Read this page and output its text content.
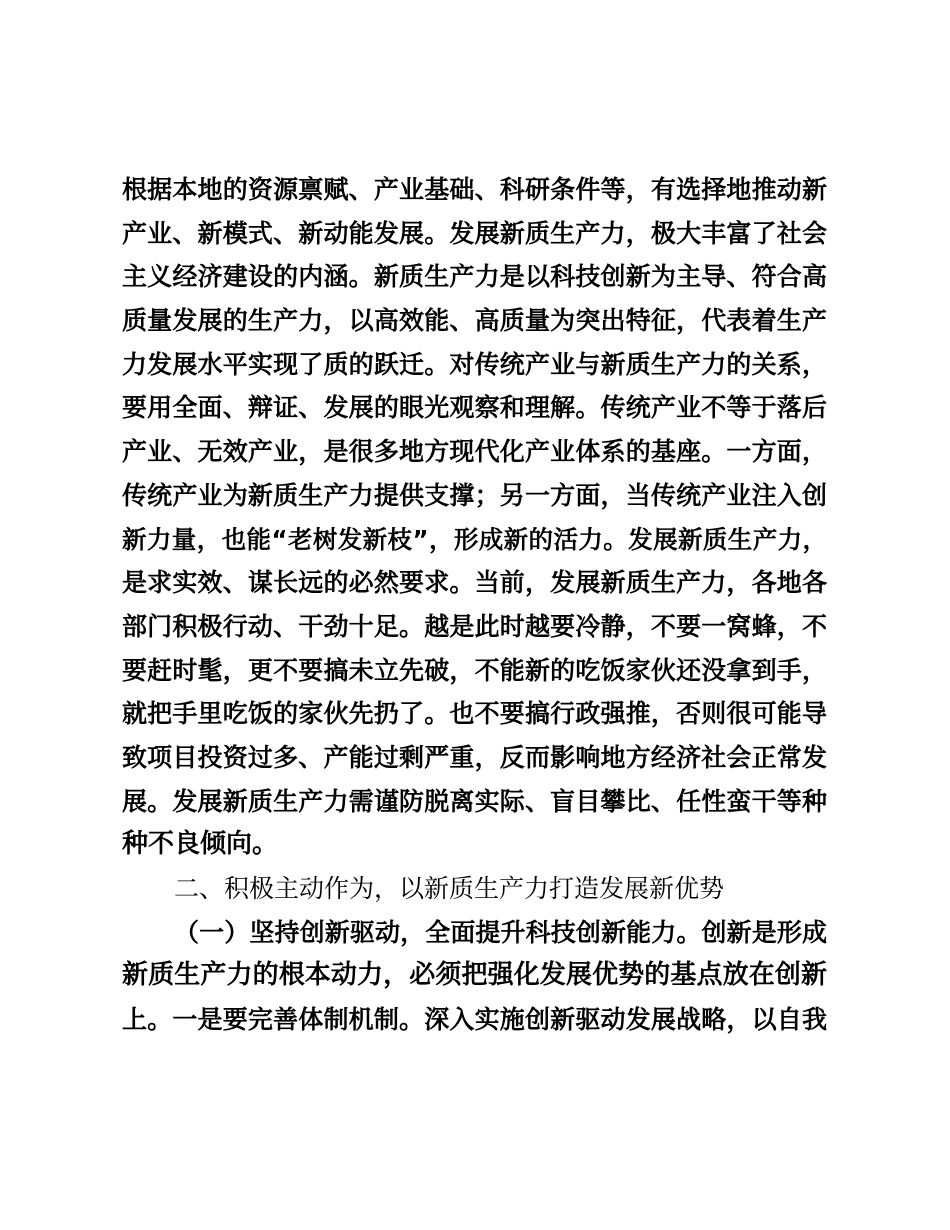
根据本地的资源禀赋、产业基础、科研条件等，有选择地推动新
产业、新模式、新动能发展。发展新质生产力，极大丰富了社会
主义经济建设的内涵。新质生产力是以科技创新为主导、符合高
质量发展的生产力，以高效能、高质量为突出特征，代表着生产
力发展水平实现了质的跃迁。对传统产业与新质生产力的关系，
要用全面、辩证、发展的眼光观察和理解。传统产业不等于落后
产业、无效产业，是很多地方现代化产业体系的基座。一方面，
传统产业为新质生产力提供支撑；另一方面，当传统产业注入创
新力量，也能“老树发新枝”，形成新的活力。发展新质生产力，
是求实效、谋长远的必然要求。当前，发展新质生产力，各地各
部门积极行动、干劲十足。越是此时越要冷静，不要一窝蜂，不
要赶时髦，更不要搞未立先破，不能新的吃饭家伙还没拿到手，
就把手里吃饭的家伙先扔了。也不要搞行政强推，否则很可能导
致项目投资过多、产能过剩严重，反而影响地方经济社会正常发
展。发展新质生产力需谨防脱离实际、盲目攀比、任性蛮干等种
种不良倾向。
二、积极主动作为，以新质生产力打造发展新优势
（一）坚持创新驱动，全面提升科技创新能力。创新是形成
新质生产力的根本动力，必须把强化发展优势的基点放在创新
上。一是要完善体制机制。深入实施创新驱动发展战略，以自我
